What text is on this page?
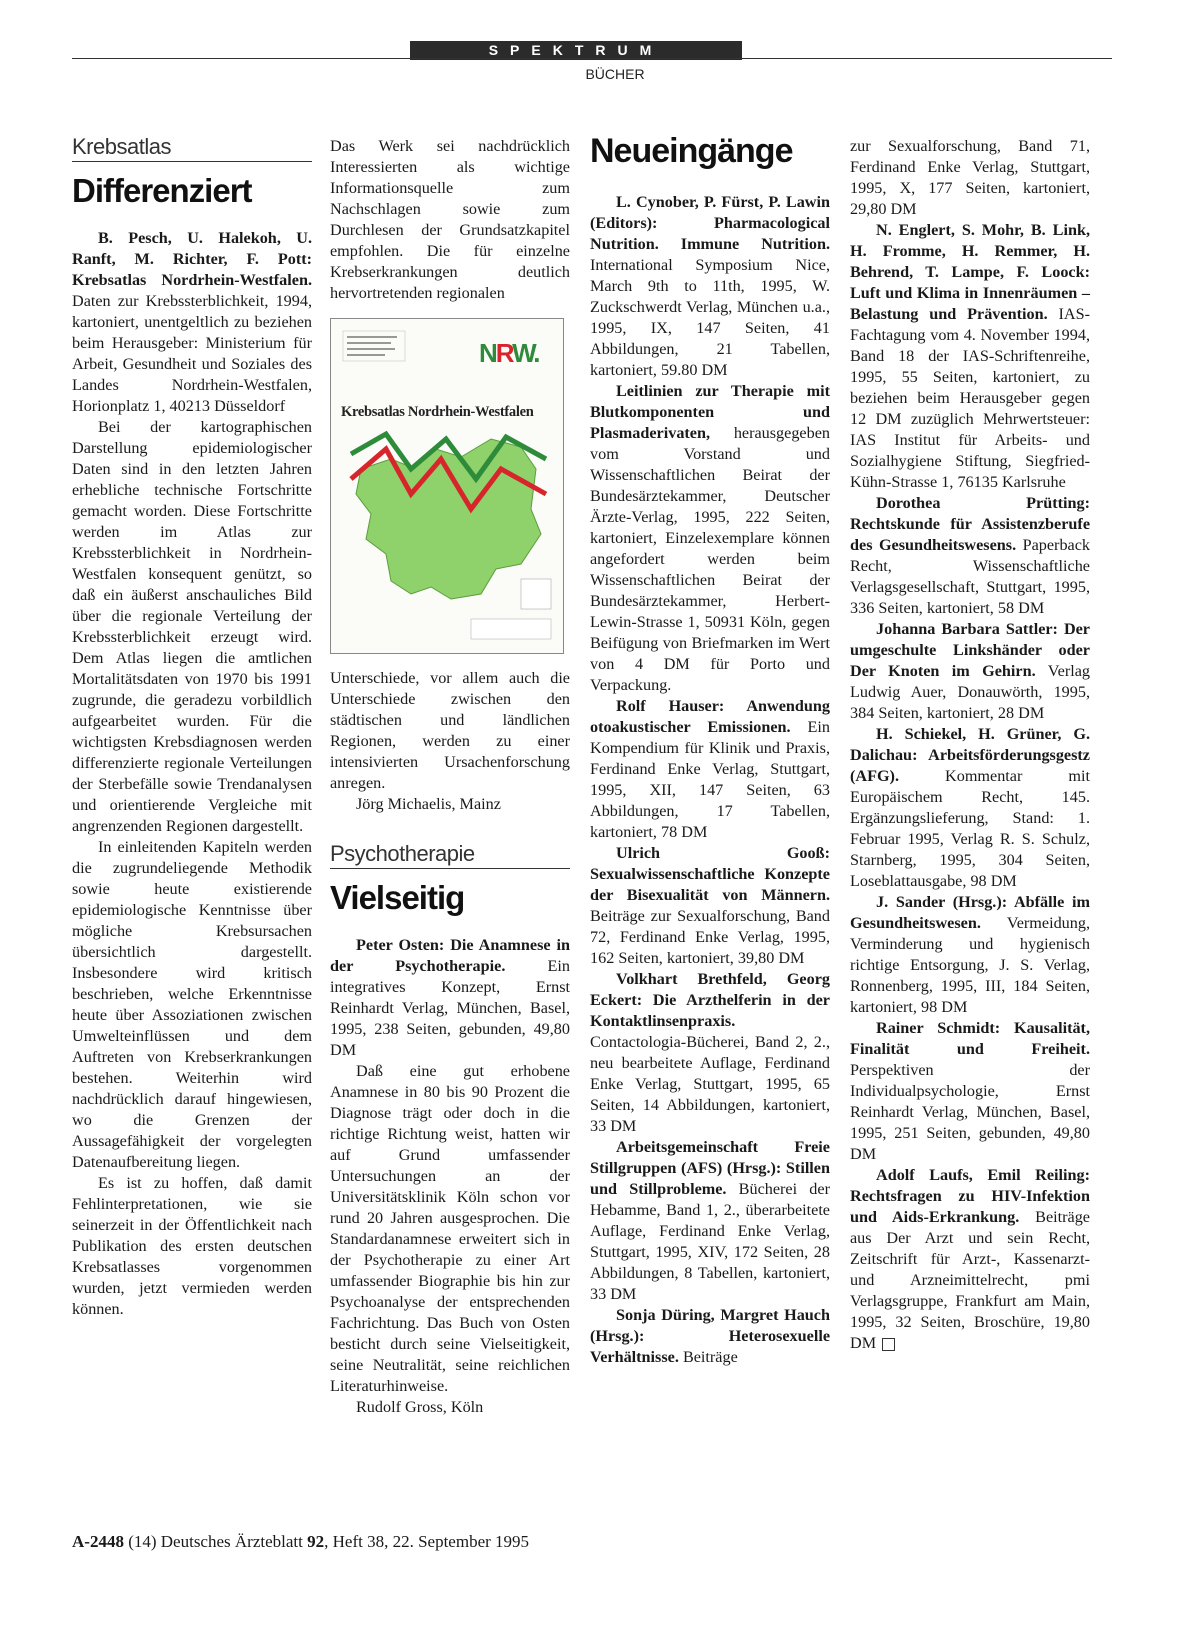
SPEKTRUM
BÜCHER
Krebsatlas
Differenziert

B. Pesch, U. Halekoh, U. Ranft, M. Richter, F. Pott: Krebsatlas Nordrhein-Westfalen. Daten zur Krebssterblichkeit, 1994, kartoniert, unentgeltlich zu beziehen beim Herausgeber: Ministerium für Arbeit, Gesundheit und Soziales des Landes Nordrhein-Westfalen, Horionplatz 1, 40213 Düsseldorf

Bei der kartographischen Darstellung epidemiologischer Daten sind in den letzten Jahren erhebliche technische Fortschritte gemacht worden. Diese Fortschritte werden im Atlas zur Krebssterblichkeit in Nordrhein-Westfalen konsequent genützt, so daß ein äußerst anschauliches Bild über die regionale Verteilung der Krebssterblichkeit erzeugt wird. Dem Atlas liegen die amtlichen Mortalitätsdaten von 1970 bis 1991 zugrunde, die geradezu vorbildlich aufgearbeitet wurden. Für die wichtigsten Krebsdiagnosen werden differenzierte regionale Verteilungen der Sterbefälle sowie Trendanalysen und orientierende Vergleiche mit angrenzenden Regionen dargestellt.

In einleitenden Kapiteln werden die zugrundeliegende Methodik sowie heute existierende epidemiologische Kenntnisse über mögliche Krebsursachen übersichtlich dargestellt. Insbesondere wird kritisch beschrieben, welche Erkenntnisse heute über Assoziationen zwischen Umwelteinflüssen und dem Auftreten von Krebserkrankungen bestehen. Weiterhin wird nachdrücklich darauf hingewiesen, wo die Grenzen der Aussagefähigkeit der vorgelegten Datenaufbereitung liegen.

Es ist zu hoffen, daß damit Fehlinterpretationen, wie sie seinerzeit in der Öffentlichkeit nach Publikation des ersten deutschen Krebsatlasses vorgenommen wurden, jetzt vermieden werden können.

Das Werk sei nachdrücklich Interessierten als wichtige Informationsquelle zum Nachschlagen sowie zum Durchlesen der Grundsatzkapitel empfohlen. Die für einzelne Krebserkrankungen deutlich hervortretenden regionalen

NRW.
Krebsatlas Nordrhein-Westfalen

Unterschiede, vor allem auch die Unterschiede zwischen den städtischen und ländlichen Regionen, werden zu einer intensivierten Ursachenforschung anregen.

Jörg Michaelis, Mainz

Psychotherapie
Vielseitig

Peter Osten: Die Anamnese in der Psychotherapie. Ein integratives Konzept, Ernst Reinhardt Verlag, München, Basel, 1995, 238 Seiten, gebunden, 49,80 DM

Daß eine gut erhobene Anamnese in 80 bis 90 Prozent die Diagnose trägt oder doch in die richtige Richtung weist, hatten wir auf Grund umfassender Untersuchungen an der Universitätsklinik Köln schon vor rund 20 Jahren ausgesprochen. Die Standardanamnese erweitert sich in der Psychotherapie zu einer Art umfassender Biographie bis hin zur Psychoanalyse der entsprechenden Fachrichtung. Das Buch von Osten besticht durch seine Vielseitigkeit, seine Neutralität, seine reichlichen Literaturhinweise.

Rudolf Gross, Köln

Neueingänge

L. Cynober, P. Fürst, P. Lawin (Editors): Pharmacological Nutrition. Immune Nutrition. International Symposium Nice, March 9th to 11th, 1995, W. Zuckschwerdt Verlag, München u.a., 1995, IX, 147 Seiten, 41 Abbildungen, 21 Tabellen, kartoniert, 59.80 DM

Leitlinien zur Therapie mit Blutkomponenten und Plasmaderivaten, herausgegeben vom Vorstand und Wissenschaftlichen Beirat der Bundesärztekammer, Deutscher Ärzte-Verlag, 1995, 222 Seiten, kartoniert, Einzelexemplare können angefordert werden beim Wissenschaftlichen Beirat der Bundesärztekammer, Herbert-Lewin-Strasse 1, 50931 Köln, gegen Beifügung von Briefmarken im Wert von 4 DM für Porto und Verpackung.

Rolf Hauser: Anwendung otoakustischer Emissionen. Ein Kompendium für Klinik und Praxis, Ferdinand Enke Verlag, Stuttgart, 1995, XII, 147 Seiten, 63 Abbildungen, 17 Tabellen, kartoniert, 78 DM

Ulrich Gooß: Sexualwissenschaftliche Konzepte der Bisexualität von Männern. Beiträge zur Sexualforschung, Band 72, Ferdinand Enke Verlag, 1995, 162 Seiten, kartoniert, 39,80 DM

Volkhart Brethfeld, Georg Eckert: Die Arzthelferin in der Kontaktlinsenpraxis. Contactologia-Bücherei, Band 2, 2., neu bearbeitete Auflage, Ferdinand Enke Verlag, Stuttgart, 1995, 65 Seiten, 14 Abbildungen, kartoniert, 33 DM

Arbeitsgemeinschaft Freie Stillgruppen (AFS) (Hrsg.): Stillen und Stillprobleme. Bücherei der Hebamme, Band 1, 2., überarbeitete Auflage, Ferdinand Enke Verlag, Stuttgart, 1995, XIV, 172 Seiten, 28 Abbildungen, 8 Tabellen, kartoniert, 33 DM

Sonja Düring, Margret Hauch (Hrsg.): Heterosexuelle Verhältnisse. Beiträge

zur Sexualforschung, Band 71, Ferdinand Enke Verlag, Stuttgart, 1995, X, 177 Seiten, kartoniert, 29,80 DM

N. Englert, S. Mohr, B. Link, H. Fromme, H. Remmer, H. Behrend, T. Lampe, F. Loock: Luft und Klima in Innenräumen – Belastung und Prävention. IAS-Fachtagung vom 4. November 1994, Band 18 der IAS-Schriftenreihe, 1995, 55 Seiten, kartoniert, zu beziehen beim Herausgeber gegen 12 DM zuzüglich Mehrwertsteuer: IAS Institut für Arbeits- und Sozialhygiene Stiftung, Siegfried-Kühn-Strasse 1, 76135 Karlsruhe

Dorothea Prütting: Rechtskunde für Assistenzberufe des Gesundheitswesens. Paperback Recht, Wissenschaftliche Verlagsgesellschaft, Stuttgart, 1995, 336 Seiten, kartoniert, 58 DM

Johanna Barbara Sattler: Der umgeschulte Linkshänder oder Der Knoten im Gehirn. Verlag Ludwig Auer, Donauwörth, 1995, 384 Seiten, kartoniert, 28 DM

H. Schiekel, H. Grüner, G. Dalichau: Arbeitsförderungsgestz (AFG). Kommentar mit Europäischem Recht, 145. Ergänzungslieferung, Stand: 1. Februar 1995, Verlag R. S. Schulz, Starnberg, 1995, 304 Seiten, Loseblattausgabe, 98 DM

J. Sander (Hrsg.): Abfälle im Gesundheitswesen. Vermeidung, Verminderung und hygienisch richtige Entsorgung, J. S. Verlag, Ronnenberg, 1995, III, 184 Seiten, kartoniert, 98 DM

Rainer Schmidt: Kausalität, Finalität und Freiheit. Perspektiven der Individualpsychologie, Ernst Reinhardt Verlag, München, Basel, 1995, 251 Seiten, gebunden, 49,80 DM

Adolf Laufs, Emil Reiling: Rechtsfragen zu HIV-Infektion und Aids-Erkrankung. Beiträge aus Der Arzt und sein Recht, Zeitschrift für Arzt-, Kassenarzt- und Arzneimittelrecht, pmi Verlagsgruppe, Frankfurt am Main, 1995, 32 Seiten, Broschüre, 19,80 DM

A-2448 (14) Deutsches Ärzteblatt 92, Heft 38, 22. September 1995
